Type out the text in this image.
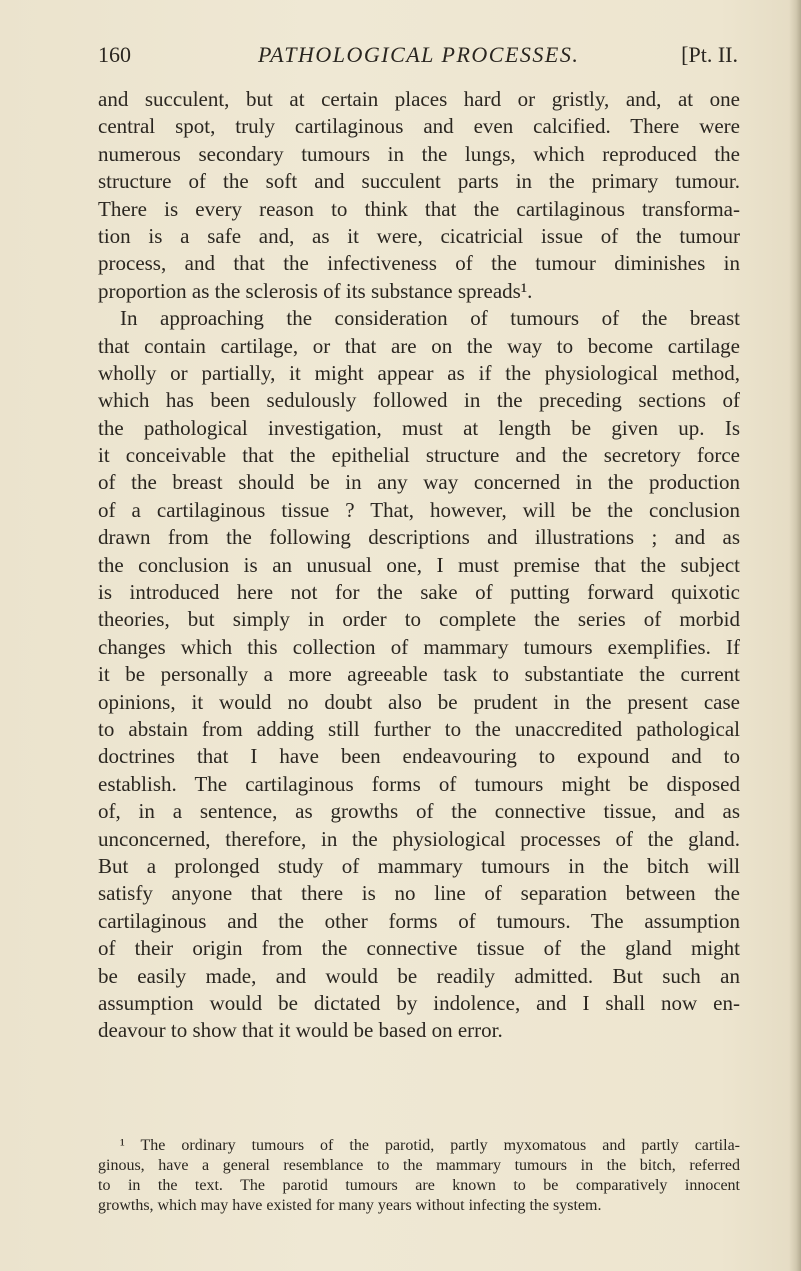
160	PATHOLOGICAL PROCESSES.	[Pt. II.
and succulent, but at certain places hard or gristly, and, at one
central spot, truly cartilaginous and even calcified. There were
numerous secondary tumours in the lungs, which reproduced the
structure of the soft and succulent parts in the primary tumour.
There is every reason to think that the cartilaginous transforma-
tion is a safe and, as it were, cicatricial issue of the tumour
process, and that the infectiveness of the tumour diminishes in
proportion as the sclerosis of its substance spreads¹.
In approaching the consideration of tumours of the breast
that contain cartilage, or that are on the way to become cartilage
wholly or partially, it might appear as if the physiological method,
which has been sedulously followed in the preceding sections of
the pathological investigation, must at length be given up. Is
it conceivable that the epithelial structure and the secretory force
of the breast should be in any way concerned in the production
of a cartilaginous tissue ? That, however, will be the conclusion
drawn from the following descriptions and illustrations ; and as
the conclusion is an unusual one, I must premise that the subject
is introduced here not for the sake of putting forward quixotic
theories, but simply in order to complete the series of morbid
changes which this collection of mammary tumours exemplifies. If
it be personally a more agreeable task to substantiate the current
opinions, it would no doubt also be prudent in the present case
to abstain from adding still further to the unaccredited pathological
doctrines that I have been endeavouring to expound and to
establish. The cartilaginous forms of tumours might be disposed
of, in a sentence, as growths of the connective tissue, and as
unconcerned, therefore, in the physiological processes of the gland.
But a prolonged study of mammary tumours in the bitch will
satisfy anyone that there is no line of separation between the
cartilaginous and the other forms of tumours. The assumption
of their origin from the connective tissue of the gland might
be easily made, and would be readily admitted. But such an
assumption would be dictated by indolence, and I shall now en-
deavour to show that it would be based on error.
¹ The ordinary tumours of the parotid, partly myxomatous and partly cartila-
ginous, have a general resemblance to the mammary tumours in the bitch, referred
to in the text. The parotid tumours are known to be comparatively innocent
growths, which may have existed for many years without infecting the system.
